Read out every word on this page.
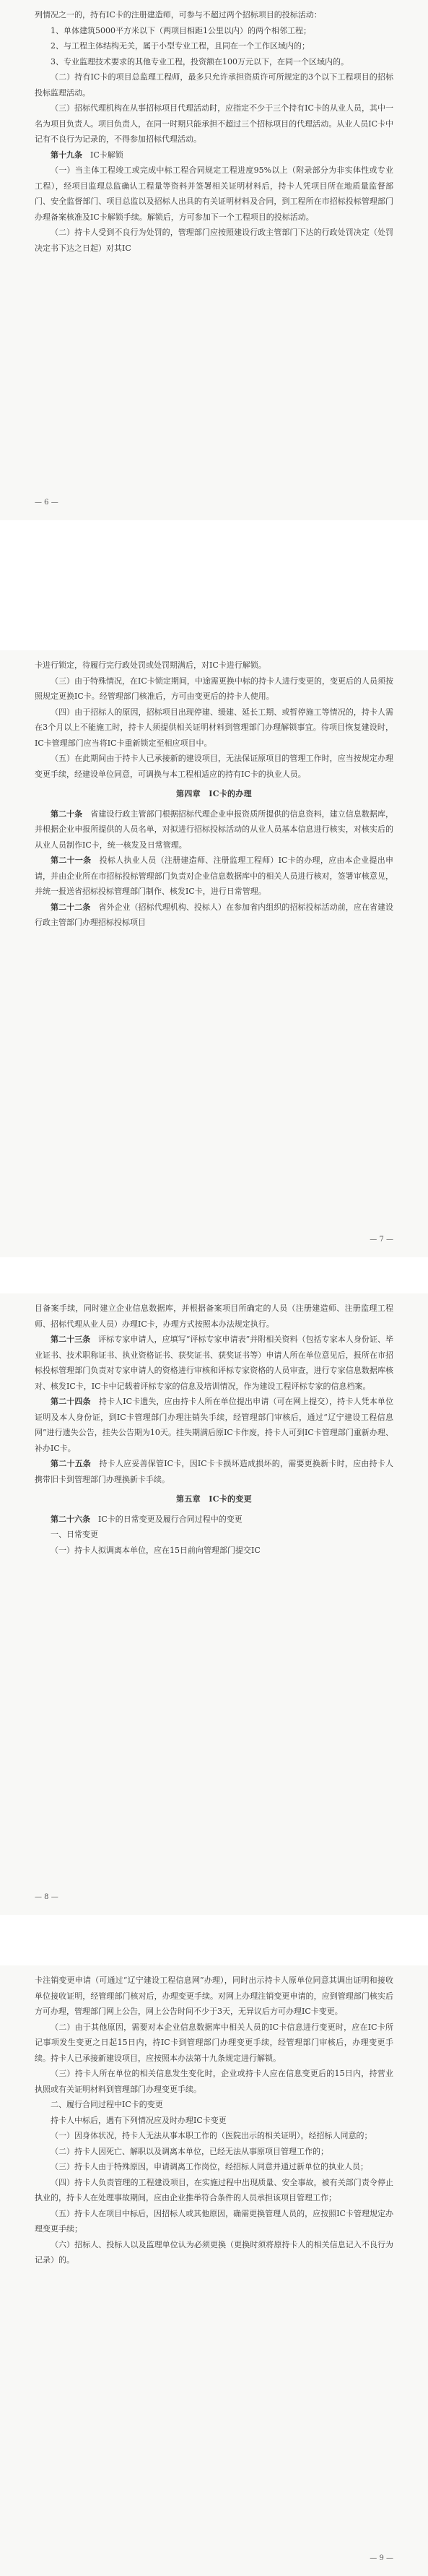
列情况之一的，持有IC卡的注册建造师，可参与不超过两个招标项目的投标活动：

1、单体建筑5000平方米以下（两项目相距1公里以内）的两个相邻工程；

2、与工程主体结构无关，属于小型专业工程，且同在一个工作区域内的；

3、专业监理技术要求的其他专业工程，投资额在100万元以下，在同一个区域内的。

（二）持有IC卡的项目总监理工程师，最多只允许承担资质许可所规定的3个以下工程项目的招标投标监理活动。

（三）招标代理机构在从事招标项目代理活动时，应指定不少于三个持有IC卡的从业人员，其中一名为项目负责人。项目负责人，在同一时期只能承担不超过三个招标项目的代理活动。从业人员IC卡中记有不良行为记录的，不得参加招标代理活动。

第十九条　 IC卡解锁

（一）当主体工程竣工或完成中标工程合同规定工程进度95%以上（附录部分为非实体性或专业工程），经项目监理总监确认工程量等资料并签署相关证明材料后，持卡人凭项目所在地质量监督部门、安全监督部门、项目总监以及招标人出具的有关证明材料及合同，到工程所在市招标投标管理部门办理备案核准及IC卡解锁手续。解锁后，方可参加下一个工程项目的投标活动。

（二）持卡人受到不良行为处罚的，管理部门应按照建设行政主管部门下达的行政处罚决定（处罚决定书下达之日起）对其IC

— 6 —

卡进行锁定，待履行完行政处罚或处罚期满后，对IC卡进行解锁。

（三）由于特殊情况，在IC卡锁定期间，中途需更换中标的持卡人进行变更的，变更后的人员须按照规定更换IC卡。经管理部门核准后，方可由变更后的持卡人使用。

（四）由于招标人的原因，招标项目出现停建、缓建、延长工期、或暂停施工等情况的，持卡人需在3个月以上不能施工时，持卡人须提供相关证明材料到管理部门办理解锁事宜。待项目恢复建设时，IC卡管理部门应当将IC卡重新锁定至相应项目中。

（五）在此期间由于持卡人已承接新的建设项目，无法保证原项目的管理工作时，应当按规定办理变更手续，经建设单位同意，可调换与本工程相适应的持有IC卡的执业人员。

第四章　IC卡的办理

第二十条　 省建设行政主管部门根据招标代理企业申报资质所提供的信息资料，建立信息数据库，并根据企业申报所提供的人员名单，对拟进行招标投标活动的从业人员基本信息进行核实，对核实后的从业人员制作IC卡，统一核发及日常管理。

第二十一条　 投标人执业人员（注册建造师、注册监理工程师）IC卡的办理，应由本企业提出申请，并由企业所在市招标投标管理部门负责对企业信息数据库中的相关人员进行核对，签署审核意见，并统一报送省招标投标管理部门制作、核发IC卡，进行日常管理。

第二十二条　 省外企业（招标代理机构、投标人）在参加省内组织的招标投标活动前，应在省建设行政主管部门办理招标投标项目

— 7 —

目备案手续，同时建立企业信息数据库，并根据备案项目所确定的人员（注册建造师、注册监理工程师、招标代理从业人员）办理IC卡，办理方式按照本办法规定执行。

第二十三条　 评标专家申请人，应填写“评标专家申请表”并附相关资料（包括专家本人身份证、毕业证书、技术职称证书、执业资格证书、获奖证书、获奖证书等）申请人所在单位意见后，报所在市招标投标管理部门负责对专家申请人的资格进行审核和评标专家资格的人员审查，进行专家信息数据库核对、核发IC卡，IC卡中记载着评标专家的信息及培训情况，作为建设工程评标专家的信息档案。

第二十四条　 持卡人IC卡遗失，应由持卡人所在单位提出申请（可在网上提交），持卡人凭本单位证明及本人身份证，到IC卡管理部门办理注销失手续，经管理部门审核后，通过“辽宁建设工程信息网”进行遗失公告，挂失公告期为10天。挂失期满后原IC卡作废，持卡人可到IC卡管理部门重新办理、补办IC卡。

第二十五条　 持卡人应妥善保管IC卡，因IC卡卡损坏造成损坏的，需要更换新卡时，应由持卡人携带旧卡到管理部门办理换新卡手续。

第五章　IC卡的变更

第二十六条　 IC卡的日常变更及履行合同过程中的变更

一、日常变更

（一）持卡人拟调离本单位，应在15日前向管理部门提交IC

— 8 —

卡注销变更申请（可通过“辽宁建设工程信息网”办理），同时出示持卡人原单位同意其调出证明和接收单位接收证明，经管理部门核对后，办理变更手续。对网上办理注销变更申请的，应到管理部门核实后方可办理，管理部门网上公告，网上公告时间不少于3天，无异议后方可办理IC卡变更。

（二）由于其他原因，需要对本企业信息数据库中相关人员的IC卡信息进行变更时，应在IC卡所记事项发生变更之日起15日内，持IC卡到管理部门办理变更手续，经管理部门审核后，办理变更手续。持卡人已承接新建设项目，应按照本办法第十九条规定进行解锁。

（三）持卡人所在单位的相关信息发生变化时，企业或持卡人应在信息变更后的15日内，持营业执照或有关证明材料到管理部门办理变更手续。

二、履行合同过程中IC卡的变更

持卡人中标后，遇有下列情况应及时办理IC卡变更

（一）因身体状况，持卡人无法从事本职工作的（医院出示的相关证明），经招标人同意的；

（二）持卡人因死亡、解职以及调离本单位，已经无法从事原项目管理工作的；

（三）持卡人由于特殊原因，申请调离工作岗位，经招标人同意并通过新单位的执业人员；

（四）持卡人负责管理的工程建设项目，在实施过程中出现质量、安全事故，被有关部门责令停止执业的，持卡人在处理事故期间，应由企业推举符合条件的人员承担该项目管理工作；

（五）持卡人在项目中标后，因招标人或其他原因，确需更换管理人员的，应按照IC卡管理规定办理变更手续；

（六）招标人、投标人以及监理单位认为必须更换（更换时须将原持卡人的相关信息记入不良行为记录）的。

— 9 —
